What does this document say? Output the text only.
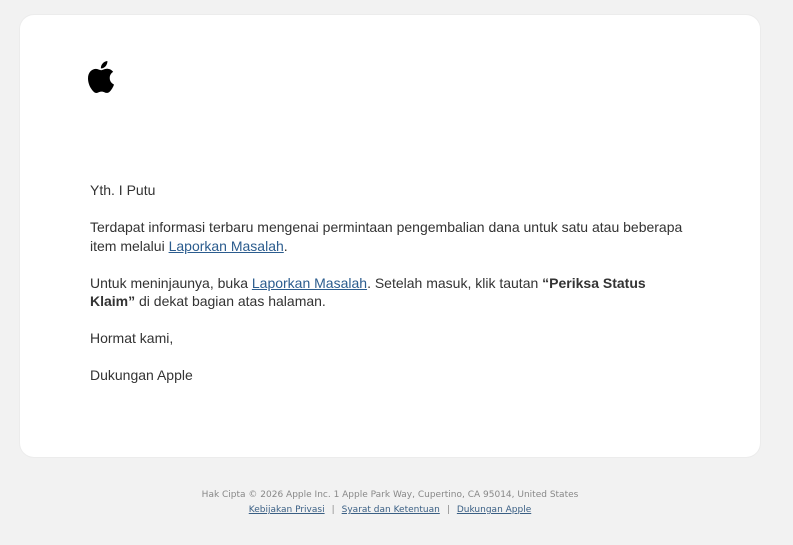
Yth. I Putu

Terdapat informasi terbaru mengenai permintaan pengembalian dana untuk satu atau beberapa item melalui Laporkan Masalah.

Untuk meninjaunya, buka Laporkan Masalah. Setelah masuk, klik tautan “Periksa Status Klaim” di dekat bagian atas halaman.

Hormat kami,

Dukungan Apple

Hak Cipta © 2026 Apple Inc. 1 Apple Park Way, Cupertino, CA 95014, United States
Kebijakan Privasi | Syarat dan Ketentuan | Dukungan Apple
